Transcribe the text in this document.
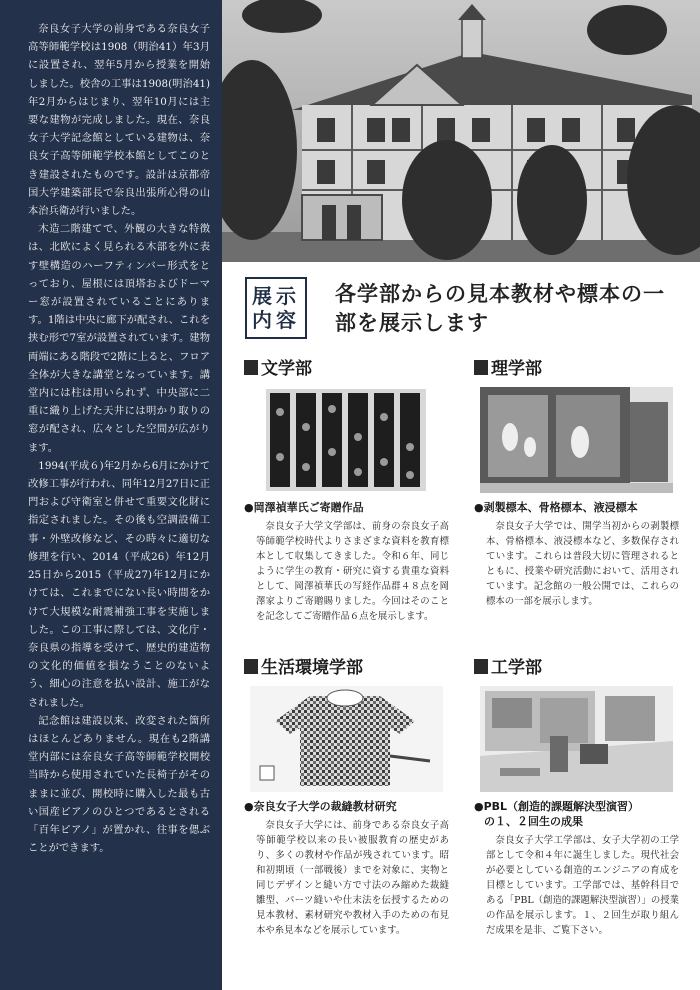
奈良女子大学の前身である奈良女子高等師範学校は1908（明治41）年3月に設置され、翌年5月から授業を開始しました。校舎の工事は1908(明治41)年2月からはじまり、翌年10月には主要な建物が完成しました。現在、奈良女子大学記念館としている建物は、奈良女子高等師範学校本館としてこのとき建設されたものです。設計は京都帝国大学建築部長で奈良出張所心得の山本治兵衛が行いました。

木造二階建てで、外観の大きな特徴は、北欧によく見られる木部を外に表す壁構造のハーフティンバー形式をとっており、屋根には頂塔およびドーマー窓が設置されていることにあります。1階は中央に廊下が配され、これを挟む形で7室が設置されています。建物両端にある階段で2階に上ると、フロア全体が大きな講堂となっています。講堂内には柱は用いられず、中央部に二重に織り上げた天井には明かり取りの窓が配され、広々とした空間が広がります。

1994(平成６)年2月から6月にかけて改修工事が行われ、同年12月27日に正門および守衛室と併せて重要文化財に指定されました。その後も空調設備工事・外壁改修など、その時々に適切な修理を行い、2014（平成26）年12月25日から2015（平成27)年12月にかけては、これまでにない長い時間をかけて大規模な耐震補強工事を実施しました。この工事に際しては、文化庁・奈良県の指導を受けて、歴史的建造物の文化的価値を損なうことのないよう、細心の注意を払い設計、施工がなされました。

記念館は建設以来、改変された箇所はほとんどありません。現在も2階講堂内部には奈良女子高等師範学校開校当時から使用されていた長椅子がそのままに並び、開校時に購入した最も古い国産ピアノのひとつであるとされる「百年ピアノ」が置かれ、往事を偲ぶことができます。

展示
内容
各学部からの見本教材や標本の一部を展示します
文学部
●岡澤禎華氏ご寄贈作品

奈良女子大学文学部は、前身の奈良女子高等師範学校時代よりさまざまな資料を教育標本として収集してきました。令和６年、同じように学生の教育・研究に資する貴重な資料として、岡澤禎華氏の写経作品群４８点を岡澤家よりご寄贈賜りました。今回はそのことを記念してご寄贈作品６点を展示します。

理学部
●剥製標本、骨格標本、液浸標本

奈良女子大学では、開学当初からの剥製標本、骨格標本、液浸標本など、多数保存されています。これらは普段大切に管理されるとともに、授業や研究活動において、活用されています。記念館の一般公開では、これらの標本の一部を展示します。

生活環境学部
●奈良女子大学の裁縫教材研究

奈良女子大学には、前身である奈良女子高等師範学校以来の長い被服教育の歴史があり、多くの教材や作品が残されています。昭和初期頃（一部戦後）までを対象に、実物と同じデザインと縫い方で寸法のみ縮めた裁縫雛型、パーツ縫いや仕末法を伝授するための見本教材、素材研究や教材入手のための布見本や糸見本などを展示しています。

工学部
●PBL（創造的課題解決型演習）
の１、２回生の成果

奈良女子大学工学部は、女子大学初の工学部として令和４年に誕生しました。現代社会が必要としている創造的エンジニアの育成を目標としています。工学部では、基幹科目である「PBL（創造的課題解決型演習）」の授業の作品を展示します。１、２回生が取り組んだ成果を是非、ご覧下さい。
